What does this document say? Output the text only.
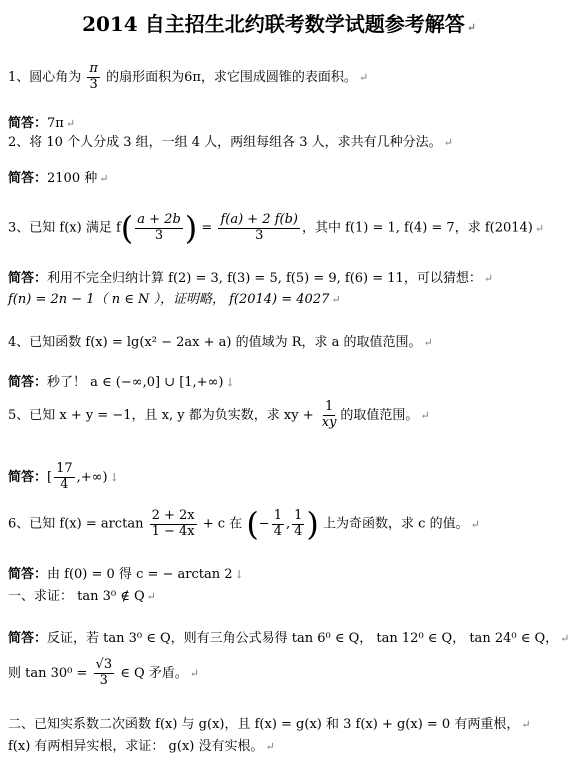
2014 自主招生北约联考数学试题参考解答 ↵
1、圆心角为 $\frac{\pi}{3}$ 的扇形面积为6π，求它围成圆锥的表面积。 ↵
简答：7π ↵
2、将 10 个人分成 3 组，一组 4 人，两组每组各 3 人，求共有几种分法。 ↵
简答：2100 种 ↵
3、已知 f(x) 满足 $f( \frac{a + 2b}{3}$ ) = $\frac{f(a) + 2 f(b)}{3}$ ，其中 f(1) = 1, f(4) = 7，求 f(2014) ↵
简答：利用不完全归纳计算 f(2) = 3, f(3) = 5, f(5) = 9, f(6) = 11，可以猜想： ↵
f(n) = 2n − 1（ n ∈ N ），证明略， f(2014) = 4027 ↵
4、已知函数 f(x) = lg(x² − 2ax + a) 的值域为 R，求 a 的取值范围。 ↵
简答：秒了！ a ∈ (−∞,0] ∪ [1,+∞) ↓
5、已知 x + y = −1，且 x, y 都为负实数，求 xy + $\frac{1}{xy}$ 的取值范围。 ↵
简答：[ $\frac{17}{4}$ ,+∞) ↓
6、已知 $f(x) = \arctan \frac{2 + 2x}{1 - 4x} + c$ 在 (− $\frac{1}{4}$ , $\frac{1}{4}$ ) 上为奇函数，求 c 的值。 ↵
简答：由 f(0) = 0 得 c = − arctan 2 ↓
一、求证： tan 3⁰ ∉ Q ↵
简答：反证，若 tan 3⁰ ∈ Q，则有三角公式易得 tan 6⁰ ∈ Q， tan 12⁰ ∈ Q， tan 24⁰ ∈ Q， ↵
则 $\tan 30^0 = \frac{√3}{3}$ ∈ Q 矛盾。 ↵
二、已知实系数二次函数 f(x) 与 g(x)，且 f(x) = g(x) 和 3 f(x) + g(x) = 0 有两重根， ↵
f(x) 有两相异实根，求证： g(x) 没有实根。 ↵
